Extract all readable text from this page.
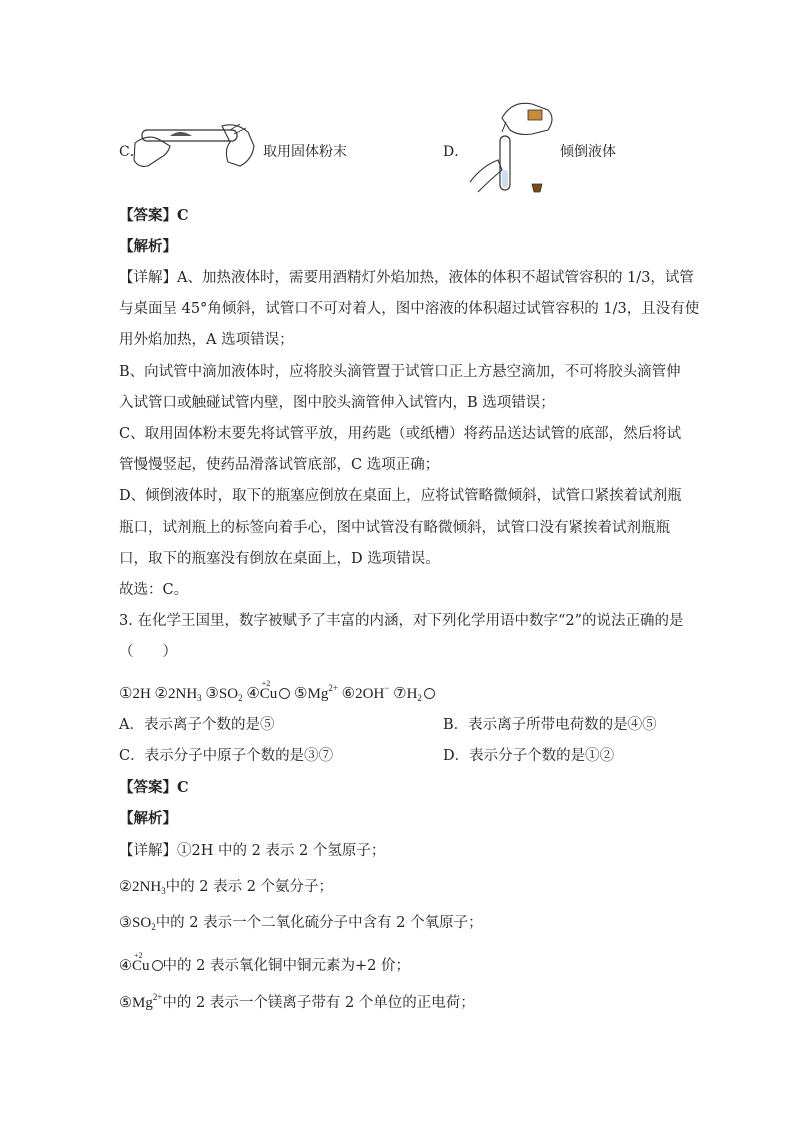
C．	取用固体粉末	D．	倾倒液体
【答案】C
【解析】
【详解】A、加热液体时，需要用酒精灯外焰加热，液体的体积不超试管容积的 1/3，试管
与桌面呈 45°角倾斜，试管口不可对着人，图中溶液的体积超过试管容积的 1/3，且没有使
用外焰加热，A 选项错误；
B、向试管中滴加液体时，应将胶头滴管置于试管口正上方悬空滴加，不可将胶头滴管伸
入试管口或触碰试管内壁，图中胶头滴管伸入试管内，B 选项错误；
C、取用固体粉末要先将试管平放，用药匙（或纸槽）将药品送达试管的底部，然后将试
管慢慢竖起，使药品滑落试管底部，C 选项正确；
D、倾倒液体时，取下的瓶塞应倒放在桌面上，应将试管略微倾斜，试管口紧挨着试剂瓶
瓶口，试剂瓶上的标签向着手心，图中试管没有略微倾斜，试管口没有紧挨着试剂瓶瓶
口，取下的瓶塞没有倒放在桌面上，D 选项错误。
故选：C。
3. 在化学王国里，数字被赋予了丰富的内涵，对下列化学用语中数字“2”的说法正确的是
（　　）
①2H $②2NH_3$ $③SO_2$ ④
+2
Cu $⑤Mg^{2+}$ ⑥2OH− $⑦H_2$
A．表示离子个数的是⑤	B．表示离子所带电荷数的是④⑤
C．表示分子中原子个数的是③⑦	D．表示分子个数的是①②
【答案】C
【解析】
【详解】①2H 中的 2 表示 2 个氢原子；
$②2NH_3$中的 2 表示 2 个氨分子；
$③SO_2$中的 2 表示一个二氧化硫分子中含有 2 个氧原子；
④
+2
Cu 中的 2 表示氧化铜中铜元素为+2 价；
$⑤Mg^{2+}$中的 2 表示一个镁离子带有 2 个单位的正电荷；
